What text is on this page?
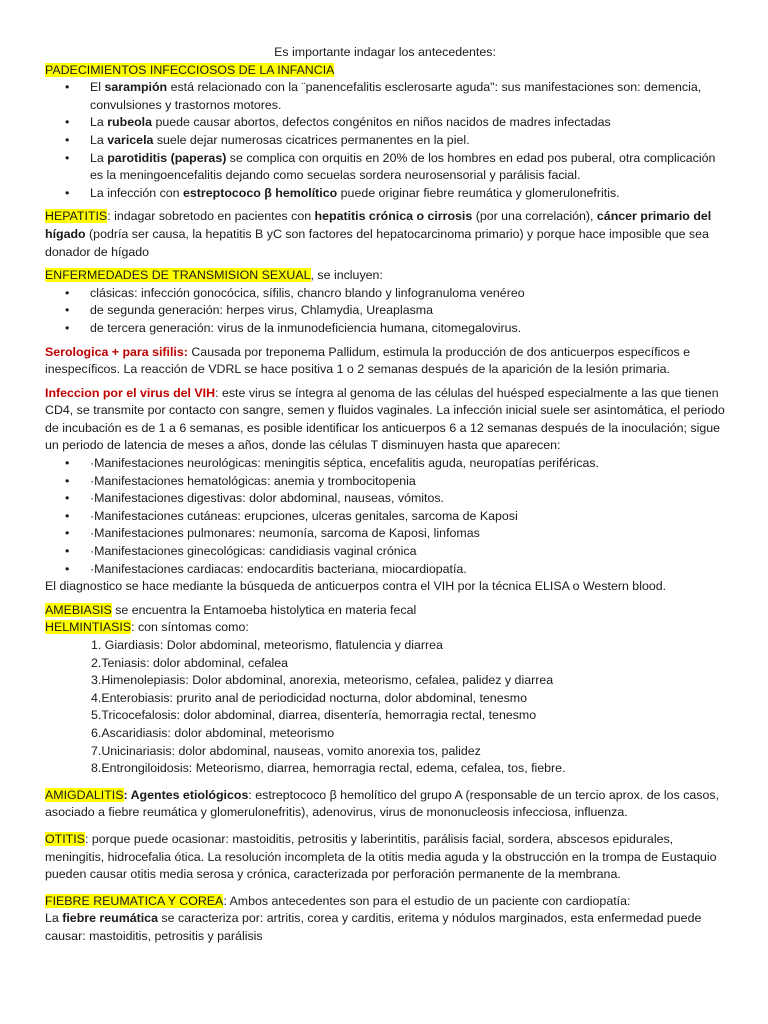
Es importante indagar los antecedentes:

PADECIMIENTOS INFECCIOSOS DE LA INFANCIA

• El sarampión está relacionado con la ¨panencefalitis esclerosarte aguda": sus manifestaciones son: demencia, convulsiones y trastornos motores.
• La rubeola puede causar abortos, defectos congénitos en niños nacidos de madres infectadas
• La varicela suele dejar numerosas cicatrices permanentes en la piel.
• La parotiditis (paperas) se complica con orquitis en 20% de los hombres en edad pos puberal, otra complicación es la meningoencefalitis dejando como secuelas sordera neurosensorial y parálisis facial.
• La infección con estreptococo β hemolítico puede originar fiebre reumática y glomerulonefritis.

HEPATITIS: indagar sobretodo en pacientes con hepatitis crónica o cirrosis (por una correlación), cáncer primario del hígado (podría ser causa, la hepatitis B yC son factores del hepatocarcinoma primario) y porque hace imposible que sea donador de hígado

ENFERMEDADES DE TRANSMISION SEXUAL, se incluyen:

• clásicas: infección gonocócica, sífilis, chancro blando y linfogranuloma venéreo
• de segunda generación: herpes virus, Chlamydia, Ureaplasma
• de tercera generación: virus de la inmunodeficiencia humana, citomegalovirus.

Serologica + para sifilis: Causada por treponema Pallidum, estimula la producción de dos anticuerpos específicos e inespecíficos. La reacción de VDRL se hace positiva 1 o 2 semanas después de la aparición de la lesión primaria.

Infeccion por el virus del VIH: este virus se íntegra al genoma de las células del huésped especialmente a las que tienen CD4, se transmite por contacto con sangre, semen y fluidos vaginales. La infección inicial suele ser asintomática, el periodo de incubación es de 1 a 6 semanas, es posible identificar los anticuerpos 6 a 12 semanas después de la inoculación; sigue un periodo de latencia de meses a años, donde las células T disminuyen hasta que aparecen:

• ·Manifestaciones neurológicas: meningitis séptica, encefalitis aguda, neuropatías periféricas.
• ·Manifestaciones hematológicas: anemia y trombocitopenia
• ·Manifestaciones digestivas: dolor abdominal, nauseas, vómitos.
• ·Manifestaciones cutáneas: erupciones, ulceras genitales, sarcoma de Kaposi
• ·Manifestaciones pulmonares: neumonía, sarcoma de Kaposi, linfomas
• ·Manifestaciones ginecológicas: candidiasis vaginal crónica
• ·Manifestaciones cardiacas: endocarditis bacteriana, miocardiopatía.

El diagnostico se hace mediante la búsqueda de anticuerpos contra el VIH por la técnica ELISA o Western blood.

AMEBIASIS se encuentra la Entamoeba histolytica en materia fecal

HELMINTIASIS: con síntomas como:

1. Giardiasis: Dolor abdominal, meteorismo, flatulencia y diarrea

2.Teniasis: dolor abdominal, cefalea

3.Himenolepiasis: Dolor abdominal, anorexia, meteorismo, cefalea, palidez y diarrea

4.Enterobiasis: prurito anal de periodicidad nocturna, dolor abdominal, tenesmo

5.Tricocefalosis: dolor abdominal, diarrea, disentería, hemorragia rectal, tenesmo

6.Ascaridiasis: dolor abdominal, meteorismo

7.Unicinariasis: dolor abdominal, nauseas, vomito anorexia tos, palidez

8.Entrongiloidosis: Meteorismo, diarrea, hemorragia rectal, edema, cefalea, tos, fiebre.

AMIGDALITIS: Agentes etiológicos: estreptococo β hemolítico del grupo A (responsable de un tercio aprox. de los casos, asociado a fiebre reumática y glomerulonefritis), adenovirus, virus de mononucleosis infecciosa, influenza.

OTITIS: porque puede ocasionar: mastoiditis, petrositis y laberintitis, parálisis facial, sordera, abscesos epidurales, meningitis, hidrocefalia ótica. La resolución incompleta de la otitis media aguda y la obstrucción en la trompa de Eustaquio pueden causar otitis media serosa y crónica, caracterizada por perforación permanente de la membrana.

FIEBRE REUMATICA Y COREA: Ambos antecedentes son para el estudio de un paciente con cardiopatía:

La fiebre reumática se caracteriza por: artritis, corea y carditis, eritema y nódulos marginados, esta enfermedad puede causar: mastoiditis, petrositis y parálisis
